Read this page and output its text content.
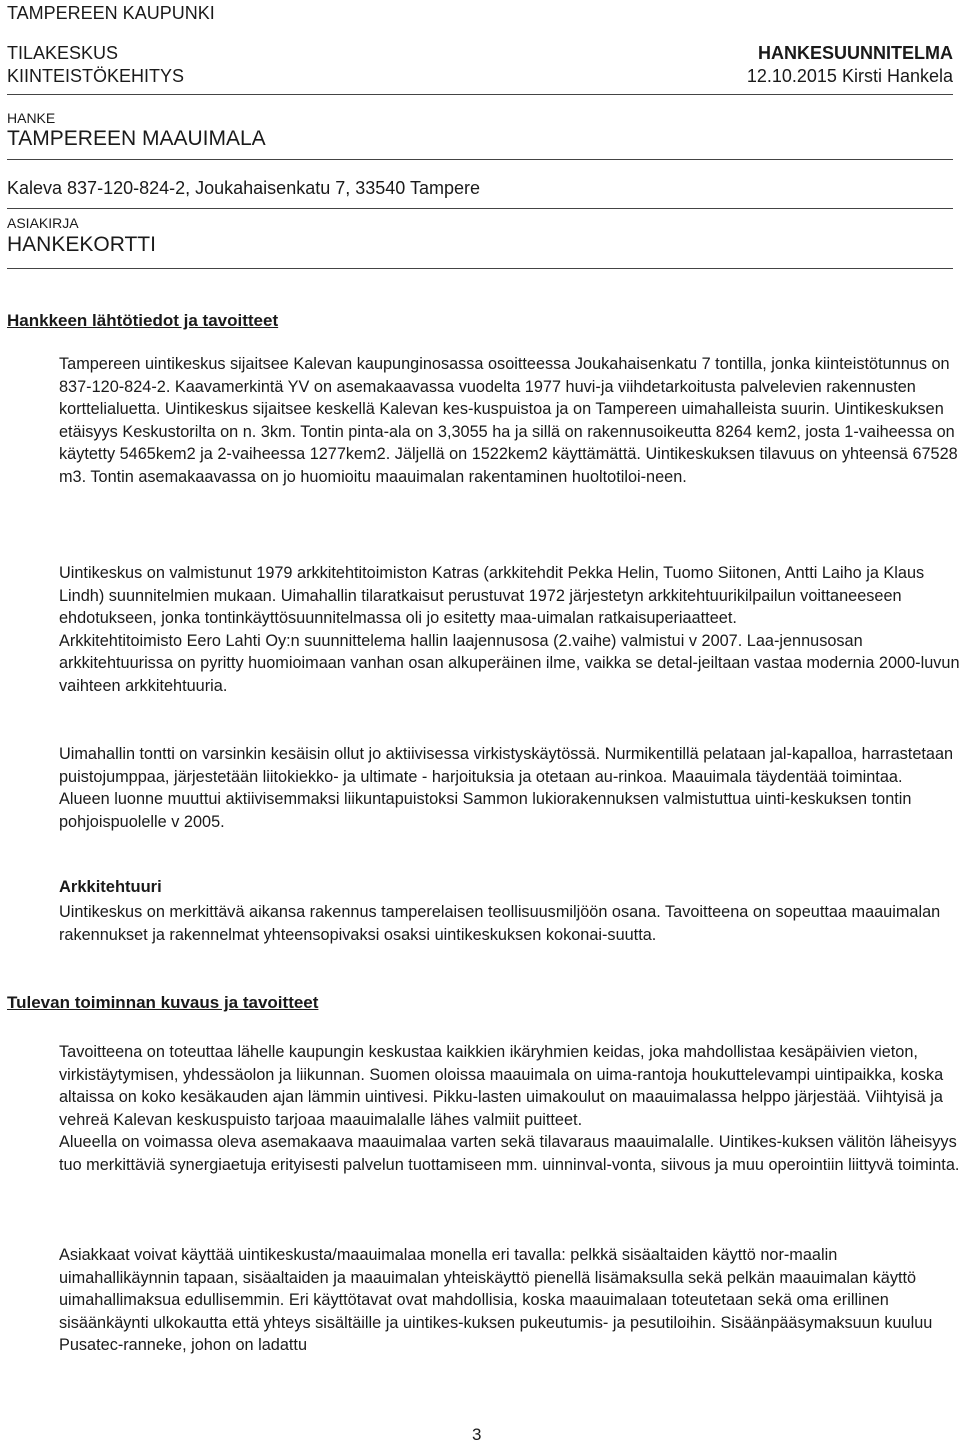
TAMPEREEN KAUPUNKI
TILAKESKUS
KIINTEISTÖKEHITYS
HANKESUUNNITELMA
12.10.2015 Kirsti Hankela
HANKE
TAMPEREEN MAAUIMALA
Kaleva 837-120-824-2, Joukahaisenkatu 7, 33540 Tampere
ASIAKIRJA
HANKEKORTTI
Hankkeen lähtötiedot ja tavoitteet

Tampereen uintikeskus sijaitsee Kalevan kaupunginosassa osoitteessa Joukahaisenkatu 7 tontilla, jonka kiinteistötunnus on 837-120-824-2. Kaavamerkintä YV on asemakaavassa vuodelta 1977 huvi-ja viihdetarkoitusta palvelevien rakennusten korttelialuetta. Uintikeskus sijaitsee keskellä Kalevan kes-kuspuistoa ja on Tampereen uimahalleista suurin. Uintikeskuksen etäisyys Keskustorilta on n. 3km. Tontin pinta-ala on 3,3055 ha ja sillä on rakennusoikeutta 8264 kem2, josta 1-vaiheessa on käytetty 5465kem2 ja 2-vaiheessa 1277kem2. Jäljellä on 1522kem2 käyttämättä. Uintikeskuksen tilavuus on yhteensä 67528 m3. Tontin asemakaavassa on jo huomioitu maauimalan rakentaminen huoltotiloi-neen.

Uintikeskus on valmistunut 1979 arkkitehtitoimiston Katras (arkkitehdit Pekka Helin, Tuomo Siitonen, Antti Laiho ja Klaus Lindh) suunnitelmien mukaan. Uimahallin tilaratkaisut perustuvat 1972 järjestetyn arkkitehtuurikilpailun voittaneeseen ehdotukseen, jonka tontinkäyttösuunnitelmassa oli jo esitetty maa-uimalan ratkaisuperiaatteet.

Arkkitehtitoimisto Eero Lahti Oy:n suunnittelema hallin laajennusosa (2.vaihe) valmistui v 2007. Laa-jennusosan arkkitehtuurissa on pyritty huomioimaan vanhan osan alkuperäinen ilme, vaikka se detal-jeiltaan vastaa modernia 2000-luvun vaihteen arkkitehtuuria.

Uimahallin tontti on varsinkin kesäisin ollut jo aktiivisessa virkistyskäytössä. Nurmikentillä pelataan jal-kapalloa, harrastetaan puistojumppaa, järjestetään liitokiekko- ja ultimate - harjoituksia ja otetaan au-rinkoa. Maauimala täydentää toimintaa.

Alueen luonne muuttui aktiivisemmaksi liikuntapuistoksi Sammon lukiorakennuksen valmistuttua uinti-keskuksen tontin pohjoispuolelle v 2005.

Arkkitehtuuri

Uintikeskus on merkittävä aikansa rakennus tamperelaisen teollisuusmiljöön osana. Tavoitteena on sopeuttaa maauimalan rakennukset ja rakennelmat yhteensopivaksi osaksi uintikeskuksen kokonai-suutta.

Tulevan toiminnan kuvaus ja tavoitteet

Tavoitteena on toteuttaa lähelle kaupungin keskustaa kaikkien ikäryhmien keidas, joka mahdollistaa kesäpäivien vieton, virkistäytymisen, yhdessäolon ja liikunnan. Suomen oloissa maauimala on uima-rantoja houkuttelevampi uintipaikka, koska altaissa on koko kesäkauden ajan lämmin uintivesi. Pikku-lasten uimakoulut on maauimalassa helppo järjestää. Viihtyisä ja vehreä Kalevan keskuspuisto tarjoaa maauimalalle lähes valmiit puitteet.

Alueella on voimassa oleva asemakaava maauimalaa varten sekä tilavaraus maauimalalle. Uintikes-kuksen välitön läheisyys tuo merkittäviä synergiaetuja erityisesti palvelun tuottamiseen mm. uinninval-vonta, siivous ja muu operointiin liittyvä toiminta.

Asiakkaat voivat käyttää uintikeskusta/maauimalaa monella eri tavalla: pelkkä sisäaltaiden käyttö nor-maalin uimahallikäynnin tapaan, sisäaltaiden ja maauimalan yhteiskäyttö pienellä lisämaksulla sekä pelkän maauimalan käyttö uimahallimaksua edullisemmin. Eri käyttötavat ovat mahdollisia, koska maauimalaan toteutetaan sekä oma erillinen sisäänkäynti ulkokautta että yhteys sisältäille ja uintikes-kuksen pukeutumis- ja pesutiloihin. Sisäänpääsymaksuun kuuluu Pusatec-ranneke, johon on ladattu

3
